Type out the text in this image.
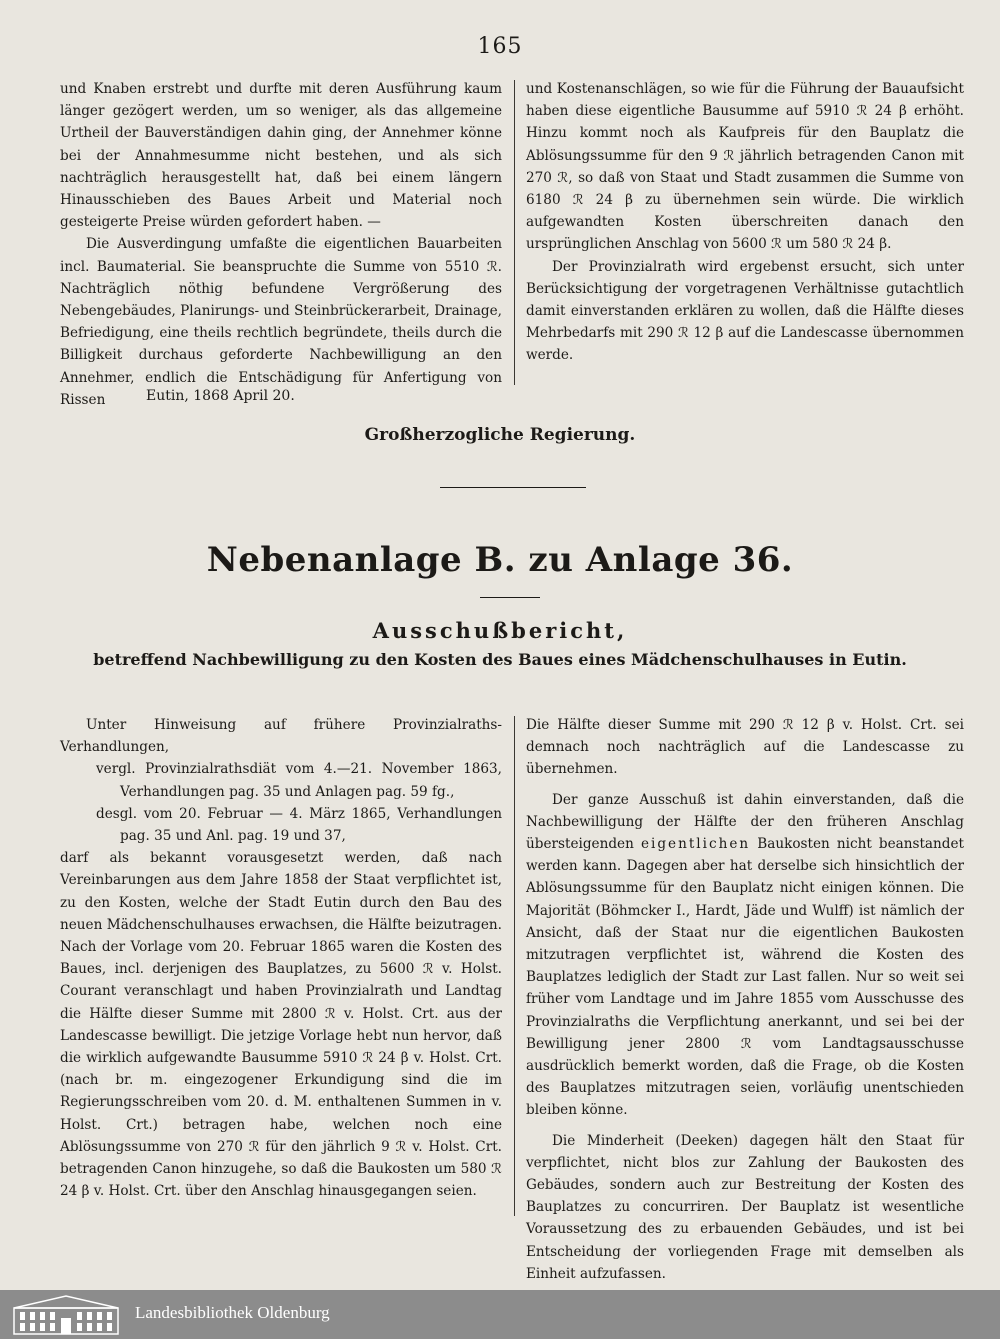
165

und Knaben erstrebt und durfte mit deren Ausführung kaum länger gezögert werden, um so weniger, als das allgemeine Urtheil der Bauverständigen dahin ging, der Annehmer könne bei der Annahmesumme nicht bestehen, und als sich nachträglich herausgestellt hat, daß bei einem längern Hinausschieben des Baues Arbeit und Material noch gesteigerte Preise würden gefordert haben. —

Die Ausverdingung umfaßte die eigentlichen Bauarbeiten incl. Baumaterial. Sie beanspruchte die Summe von 5510 ℛ︎. Nachträglich nöthig befundene Vergrößerung des Nebengebäudes, Planirungs- und Steinbrückerarbeit, Drainage, Befriedigung, eine theils rechtlich begründete, theils durch die Billigkeit durchaus geforderte Nachbewilligung an den Annehmer, endlich die Entschädigung für Anfertigung von Rissen

und Kostenanschlägen, so wie für die Führung der Bauaufsicht haben diese eigentliche Bausumme auf 5910 ℛ︎ 24 β erhöht. Hinzu kommt noch als Kaufpreis für den Bauplatz die Ablösungssumme für den 9 ℛ︎ jährlich betragenden Canon mit 270 ℛ︎, so daß von Staat und Stadt zusammen die Summe von 6180 ℛ︎ 24 β zu übernehmen sein würde. Die wirklich aufgewandten Kosten überschreiten danach den ursprünglichen Anschlag von 5600 ℛ︎ um 580 ℛ︎ 24 β.

Der Provinzialrath wird ergebenst ersucht, sich unter Berücksichtigung der vorgetragenen Verhältnisse gutachtlich damit einverstanden erklären zu wollen, daß die Hälfte dieses Mehrbedarfs mit 290 ℛ︎ 12 β auf die Landescasse übernommen werde.

Eutin, 1868 April 20.
Großherzogliche Regierung.
Nebenanlage B. zu Anlage 36.
Ausschußbericht,
betreffend Nachbewilligung zu den Kosten des Baues eines Mädchenschulhauses in Eutin.

Unter Hinweisung auf frühere Provinzialraths-Verhandlungen,

vergl. Provinzialrathsdiät vom 4.—21. November 1863, Verhandlungen pag. 35 und Anlagen pag. 59 fg.,

desgl. vom 20. Februar — 4. März 1865, Verhandlungen pag. 35 und Anl. pag. 19 und 37,

darf als bekannt vorausgesetzt werden, daß nach Vereinbarungen aus dem Jahre 1858 der Staat verpflichtet ist, zu den Kosten, welche der Stadt Eutin durch den Bau des neuen Mädchenschulhauses erwachsen, die Hälfte beizutragen. Nach der Vorlage vom 20. Februar 1865 waren die Kosten des Baues, incl. derjenigen des Bauplatzes, zu 5600 ℛ︎ v. Holst. Courant veranschlagt und haben Provinzialrath und Landtag die Hälfte dieser Summe mit 2800 ℛ︎ v. Holst. Crt. aus der Landescasse bewilligt. Die jetzige Vorlage hebt nun hervor, daß die wirklich aufgewandte Bausumme 5910 ℛ︎ 24 β v. Holst. Crt. (nach br. m. eingezogener Erkundigung sind die im Regierungsschreiben vom 20. d. M. enthaltenen Summen in v. Holst. Crt.) betragen habe, welchen noch eine Ablösungssumme von 270 ℛ︎ für den jährlich 9 ℛ︎ v. Holst. Crt. betragenden Canon hinzugehe, so daß die Baukosten um 580 ℛ︎ 24 β v. Holst. Crt. über den Anschlag hinausgegangen seien.

Die Hälfte dieser Summe mit 290 ℛ︎ 12 β v. Holst. Crt. sei demnach noch nachträglich auf die Landescasse zu übernehmen.

Der ganze Ausschuß ist dahin einverstanden, daß die Nachbewilligung der Hälfte der den früheren Anschlag übersteigenden eigentlichen Baukosten nicht beanstandet werden kann. Dagegen aber hat derselbe sich hinsichtlich der Ablösungssumme für den Bauplatz nicht einigen können. Die Majorität (Böhmcker I., Hardt, Jäde und Wulff) ist nämlich der Ansicht, daß der Staat nur die eigentlichen Baukosten mitzutragen verpflichtet ist, während die Kosten des Bauplatzes lediglich der Stadt zur Last fallen. Nur so weit sei früher vom Landtage und im Jahre 1855 vom Ausschusse des Provinzialraths die Verpflichtung anerkannt, und sei bei der Bewilligung jener 2800 ℛ︎ vom Landtagsausschusse ausdrücklich bemerkt worden, daß die Frage, ob die Kosten des Bauplatzes mitzutragen seien, vorläufig unentschieden bleiben könne.

Die Minderheit (Deeken) dagegen hält den Staat für verpflichtet, nicht blos zur Zahlung der Baukosten des Gebäudes, sondern auch zur Bestreitung der Kosten des Bauplatzes zu concurriren. Der Bauplatz ist wesentliche Voraussetzung des zu erbauenden Gebäudes, und ist bei Entscheidung der vorliegenden Frage mit demselben als Einheit aufzufassen.

Landesbibliothek Oldenburg
